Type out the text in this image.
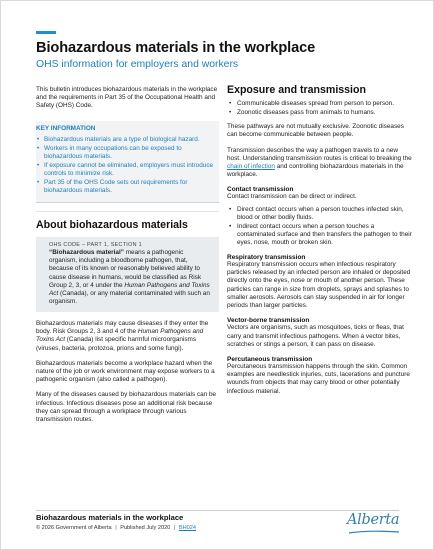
Biohazardous materials in the workplace
OHS information for employers and workers

This bulletin introduces biohazardous materials in the workplace and the requirements in Part 35 of the Occupational Health and Safety (OHS) Code.

KEY INFORMATION
• Biohazardous materials are a type of biological hazard.
• Workers in many occupations can be exposed to biohazardous materials.
• If exposure cannot be eliminated, employers must introduce controls to minimize risk.
• Part 35 of the OHS Code sets out requirements for biohazardous materials.
About biohazardous materials
OHS CODE – PART 1, SECTION 1
“Biohazardous material” means a pathogenic organism, including a bloodborne pathogen, that, because of its known or reasonably believed ability to cause disease in humans, would be classified as Risk Group 2, 3, or 4 under the Human Pathogens and Toxins Act (Canada), or any material contaminated with such an organism.

Biohazardous materials may cause diseases if they enter the body. Risk Groups 2, 3 and 4 of the Human Pathogens and Toxins Act (Canada) list specific harmful microorganisms (viruses, bacteria, protozoa, prions and some fungi).

Biohazardous materials become a workplace hazard when the nature of the job or work environment may expose workers to a pathogenic organism (also called a pathogen).

Many of the diseases caused by biohazardous materials can be infectious. Infectious diseases pose an additional risk because they can spread through a workplace through various transmission routes.

Exposure and transmission
• Communicable diseases spread from person to person.
• Zoonotic diseases pass from animals to humans.

These pathways are not mutually exclusive. Zoonotic diseases can become communicable between people.

Transmission describes the way a pathogen travels to a new host. Understanding transmission routes is critical to breaking the chain of infection and controlling biohazardous materials in the workplace.

Contact transmission

Contact transmission can be direct or indirect.

• Direct contact occurs when a person touches infected skin, blood or other bodily fluids.
• Indirect contact occurs when a person touches a contaminated surface and then transfers the pathogen to their eyes, nose, mouth or broken skin.
Respiratory transmission

Respiratory transmission occurs when infectious respiratory particles released by an infected person are inhaled or deposited directly onto the eyes, nose or mouth of another person. These particles can range in size from droplets, sprays and splashes to smaller aerosols. Aerosols can stay suspended in air for longer periods than larger particles.

Vector-borne transmission

Vectors are organisms, such as mosquitoes, ticks or fleas, that carry and transmit infectious pathogens. When a vector bites, scratches or stings a person, it can pass on disease.

Percutaneous transmission

Percutaneous transmission happens through the skin. Common examples are needlestick injuries, cuts, lacerations and puncture wounds from objects that may carry blood or other potentially infectious material.

Biohazardous materials in the workplace
© 2026 Government of Alberta | Published July 2020 | BH024	Alberta
